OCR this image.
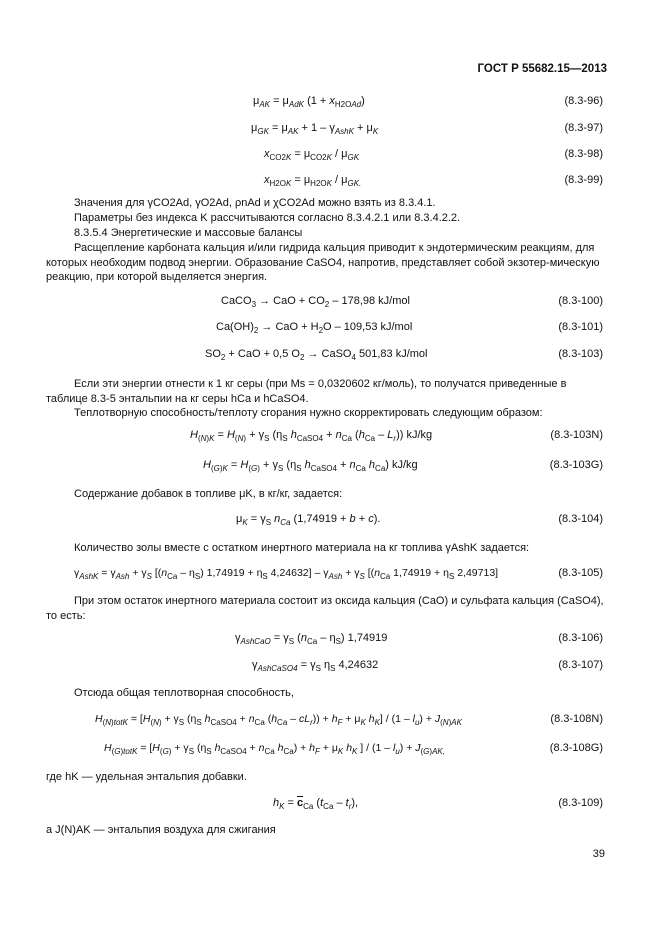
ГОСТ Р 55682.15—2013
$\mu_{AK} = \mu_{AdK}$ $(1 + x_{H2OAd})$	(8.3-96)
$\mu_{GK} = \mu_{AK} + 1 - \gamma_{AshK} + \mu_K$	(8.3-97)
$x_{CO2K} = \mu_{CO2K} / \mu_{GK}$	(8.3-98)
$x_{H2OK} = \mu_{H2OK} / \mu_{GK.}$	(8.3-99)
Значения для γCO2Ad, γO2Ad, ρnAd и χCO2Ad можно взять из 8.3.4.1.
Параметры без индекса K рассчитываются согласно 8.3.4.2.1 или 8.3.4.2.2.
8.3.5.4 Энергетические и массовые балансы
Расщепление карбоната кальция и/или гидрида кальция приводит к эндотермическим реакциям, для которых необходим подвод энергии. Образование CaSO4, напротив, представляет собой экзотер-мическую реакцию, при которой выделяется энергия.
CaCO$_3$ → CaO + $CO_2 - 178,98$ kJ/mol	(8.3-100)
$Ca(OH)_2$ → CaO + $H_2O - 109,53$ kJ/mol	(8.3-101)
$SO_2$ + CaO + 0,5 $O_2$ → CaSO$_4$ 501,83 kJ/mol	(8.3-103)
Если эти энергии отнести к 1 кг серы (при Ms = 0,0320602 кг/моль), то получатся приведенные в таблице 8.3-5 энтальпии на кг серы hCa и hCaSO4.
Теплотворную способность/теплоту сгорания нужно скорректировать следующим образом:
$H_{(N)K} = H_{(N)} + \gamma_S$ ($\eta_S$ $h_{CaSO4} + n_{Ca}$ $(h_{Ca} - L_r)$) kJ/kg	(8.3-103N)
$H_{(G)K} = H_{(G)} + \gamma_S$ ($\eta_S$ $h_{CaSO4} + n_{Ca}$ $h_{Ca}$) kJ/kg	(8.3-103G)
Содержание добавок в топливе μK, в кг/кг, задается:
$\mu_K = \gamma_S$ $n_{Ca}$ (1,74919 + b + c).	(8.3-104)
Количество золы вместе с остатком инертного материала на кг топлива γAshK задается:
$\gamma_{AshK} = \gamma_{Ash} + \gamma_S$ [$(n_{Ca} - \eta_S) 1,74919 + \eta_S$ $4,24632] - \gamma_{Ash} + \gamma_S$ [($n_{Ca}$ $1,74919 + \eta_S$ 2,49713]	(8.3-105)
При этом остаток инертного материала состоит из оксида кальция (CaO) и сульфата кальция (CaSO4), то есть:
$\gamma_{AshCaO} = \gamma_S$ $(n_{Ca} - \eta_S)$ 1,74919	(8.3-106)
$\gamma_{AshCaSO4} = \gamma_S$ $\eta_S$ 4,24632	(8.3-107)
Отсюда общая теплотворная способность,
$H_{(N)totK} = [H_{(N)} + \gamma_S$ ($\eta_S$ $h_{CaSO4} + n_{Ca}$ $(h_{Ca} - cL_r)) + h_F + \mu_K$ $h_K] / (1 - l_u) + J_{(N)AK}$	(8.3-108N)
$H_{(G)totK} = [H_{(G)} + \gamma_S$ ($\eta_S$ $h_{CaSO4} + n_{Ca}$ $h_{Ca}) + h_F + \mu_K$ $h_K$ ] / $(1 - l_u) + J_{(G)AK,}$	(8.3-108G)
где hK — удельная энтальпия добавки.
$h_K = \overline{c}_{Ca}$ $(t_{Ca} - t_r)$,	(8.3-109)
а J(N)AK — энтальпия воздуха для сжигания
39
